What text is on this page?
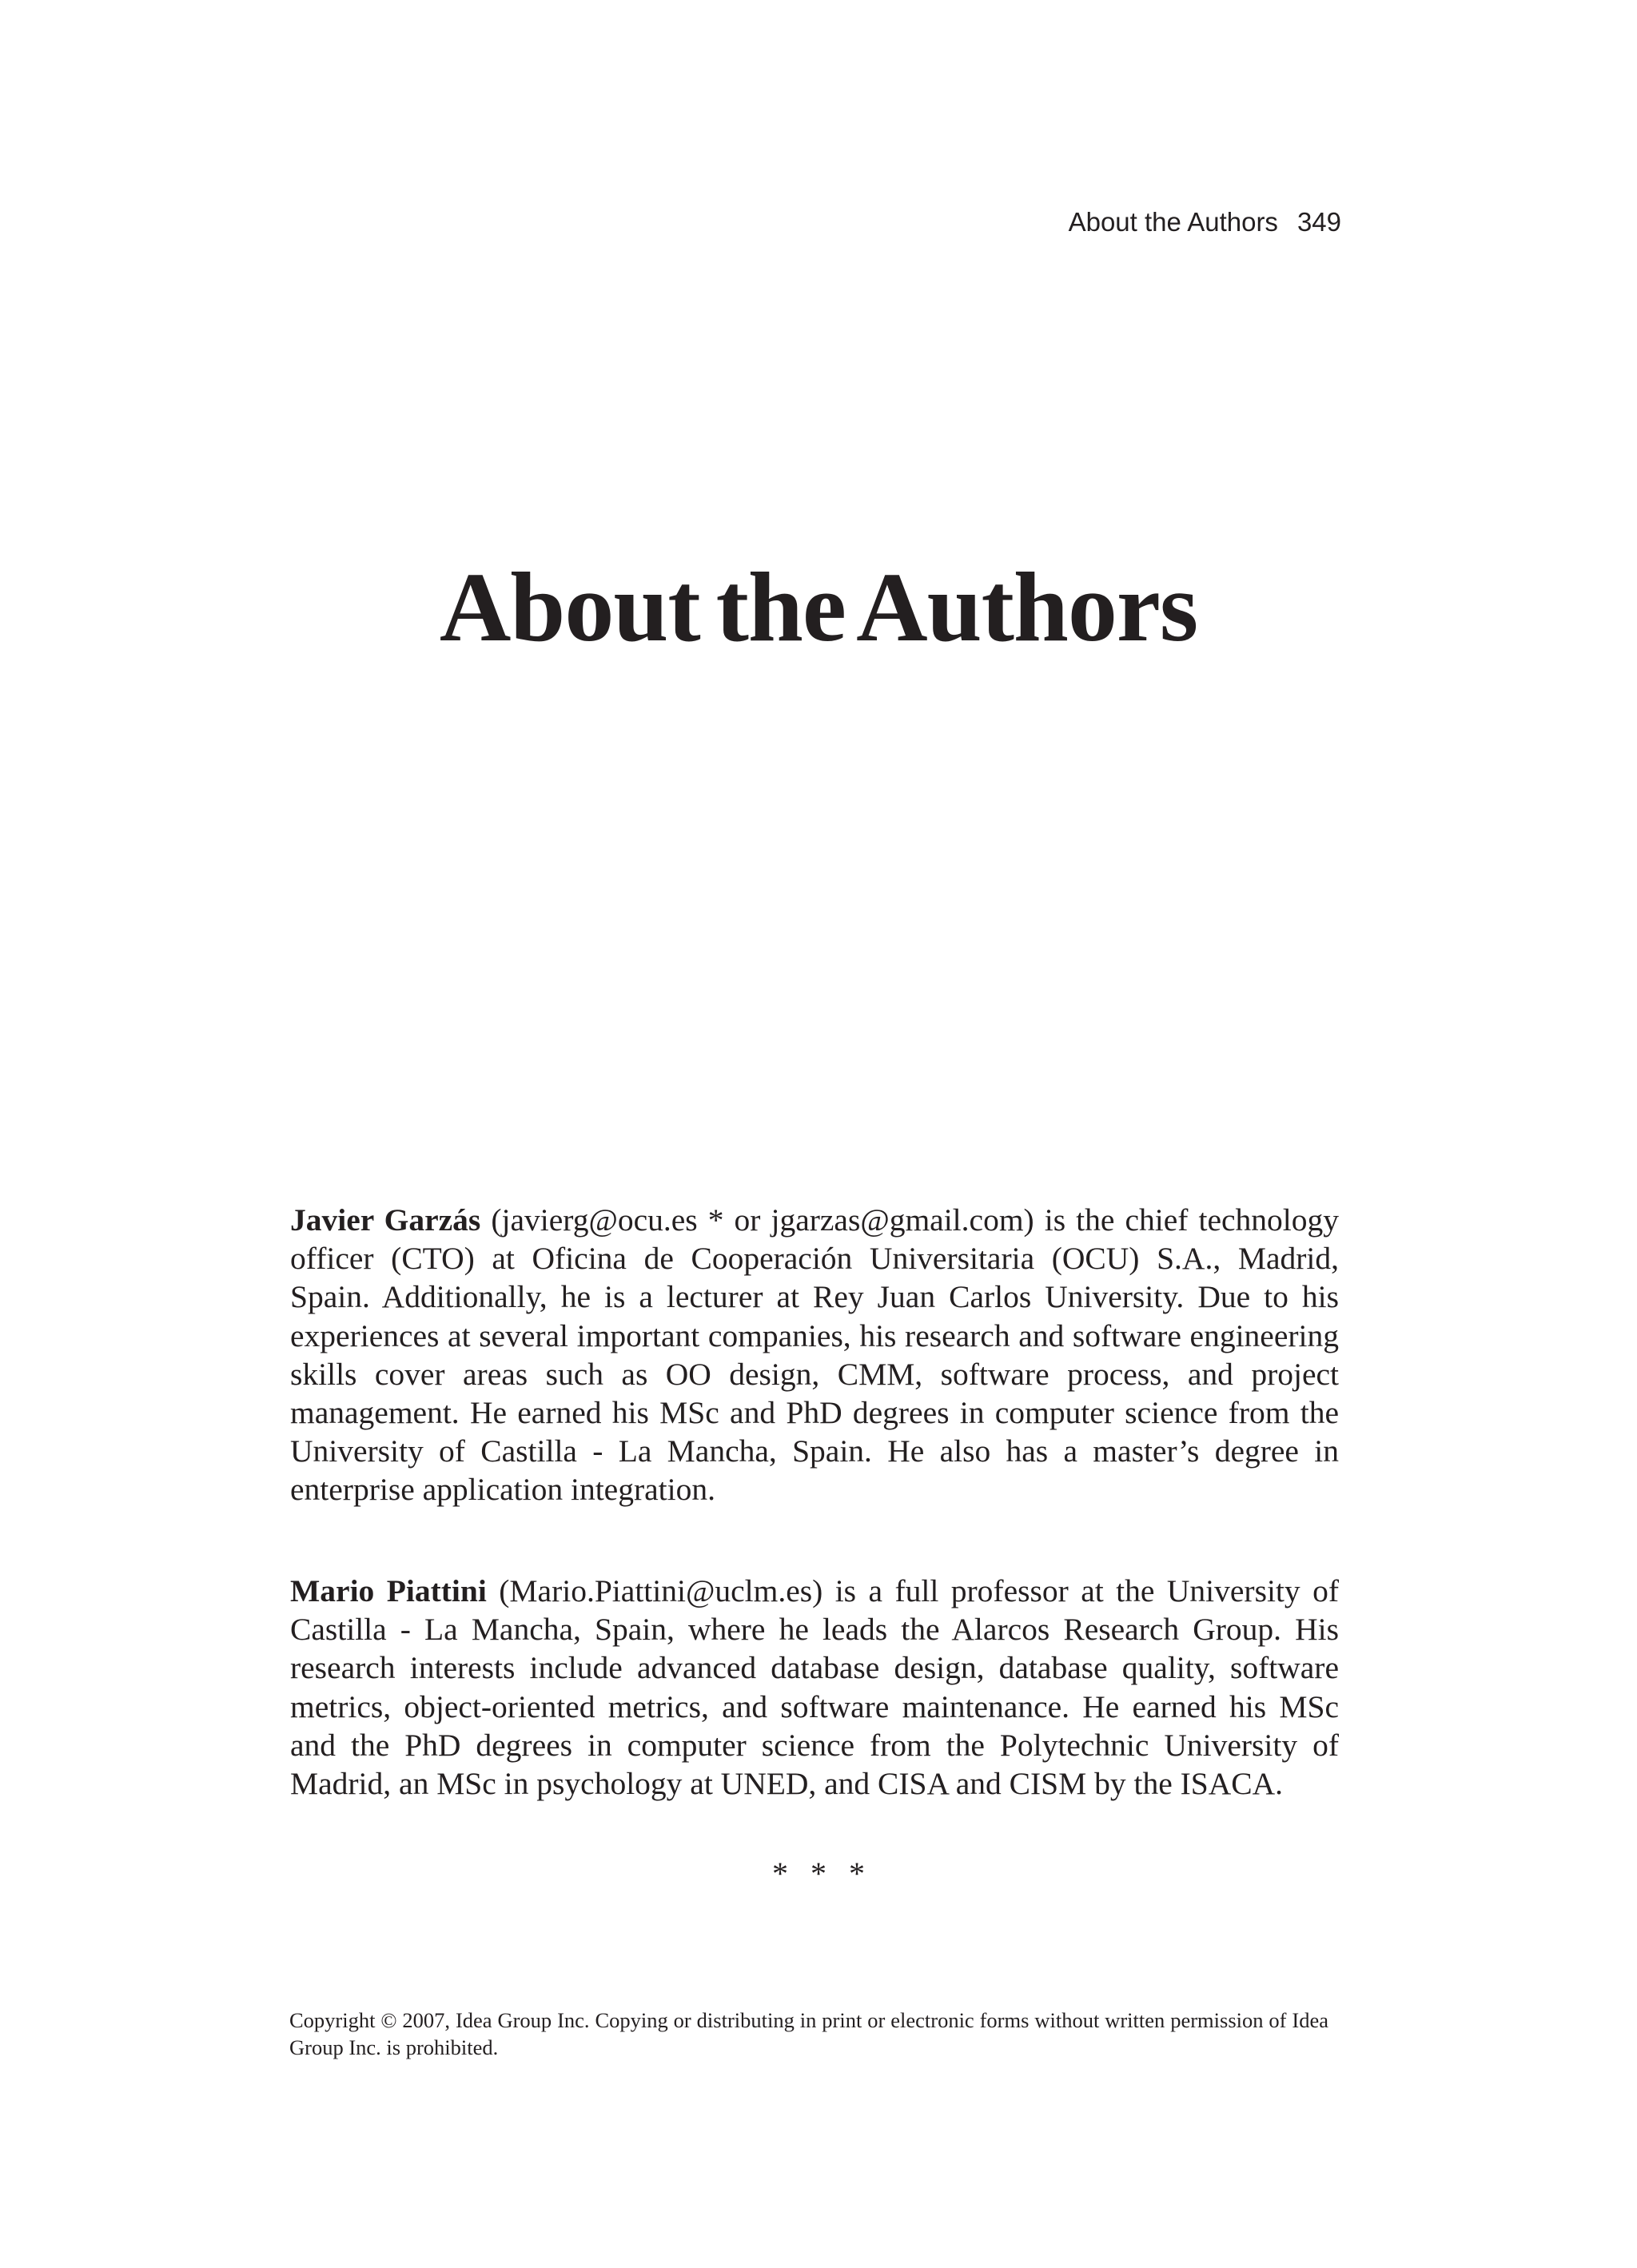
About the Authors 349
About the Authors

Javier Garzás (javierg@ocu.es * or jgarzas@gmail.com) is the chief technology officer (CTO) at Oficina de Cooperación Universitaria (OCU) S.A., Madrid, Spain. Additionally, he is a lecturer at Rey Juan Carlos University. Due to his experiences at several important companies, his research and software engineering skills cover areas such as OO design, CMM, software process, and project management. He earned his MSc and PhD degrees in computer science from the University of Castilla - La Mancha, Spain. He also has a master’s degree in enterprise application integration.

Mario Piattini (Mario.Piattini@uclm.es) is a full professor at the University of Castilla - La Mancha, Spain, where he leads the Alarcos Research Group. His research interests include advanced database design, database quality, software metrics, object-oriented metrics, and software maintenance. He earned his MSc and the PhD degrees in computer science from the Polytechnic University of Madrid, an MSc in psychology at UNED, and CISA and CISM by the ISACA.

* * *

Copyright © 2007, Idea Group Inc. Copying or distributing in print or electronic forms without written permission of Idea Group Inc. is prohibited.
